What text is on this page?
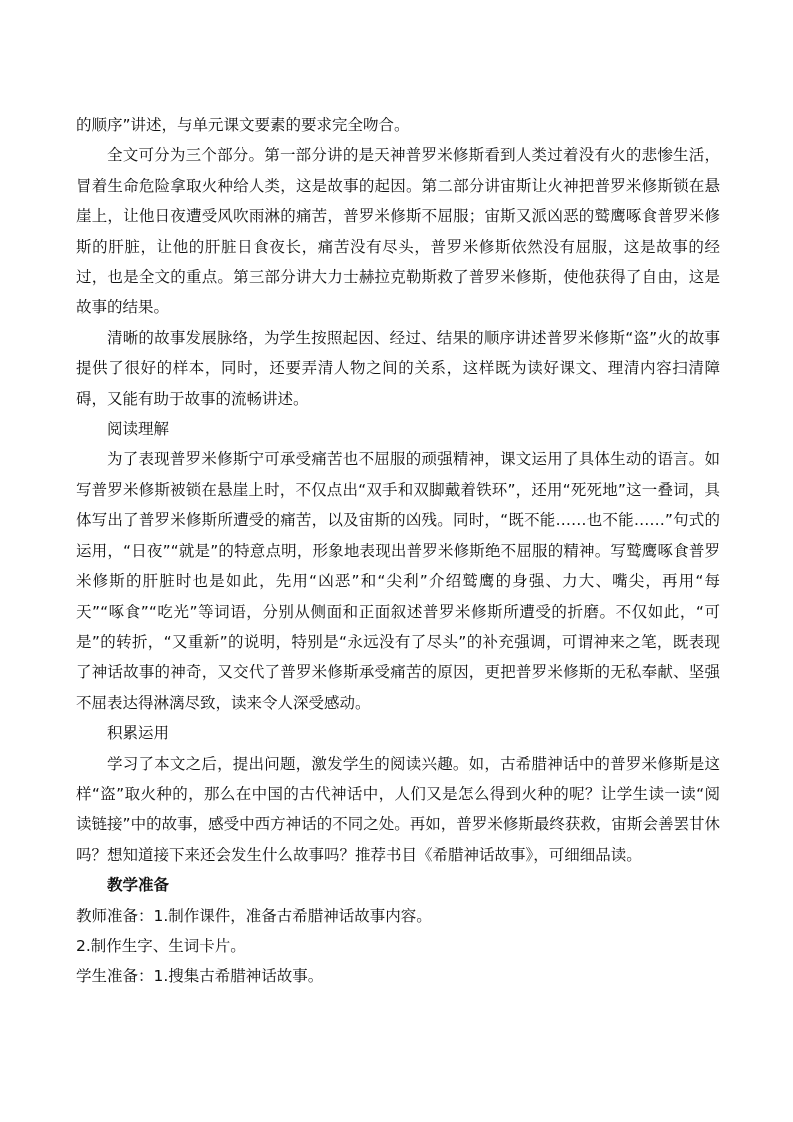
的顺序”讲述，与单元课文要素的要求完全吻合。

全文可分为三个部分。第一部分讲的是天神普罗米修斯看到人类过着没有火的悲惨生活，冒着生命危险拿取火种给人类，这是故事的起因。第二部分讲宙斯让火神把普罗米修斯锁在悬崖上，让他日夜遭受风吹雨淋的痛苦，普罗米修斯不屈服；宙斯又派凶恶的鹫鹰啄食普罗米修斯的肝脏，让他的肝脏日食夜长，痛苦没有尽头，普罗米修斯依然没有屈服，这是故事的经过，也是全文的重点。第三部分讲大力士赫拉克勒斯救了普罗米修斯，使他获得了自由，这是故事的结果。

清晰的故事发展脉络，为学生按照起因、经过、结果的顺序讲述普罗米修斯“盗”火的故事提供了很好的样本，同时，还要弄清人物之间的关系，这样既为读好课文、理清内容扫清障碍，又能有助于故事的流畅讲述。

阅读理解

为了表现普罗米修斯宁可承受痛苦也不屈服的顽强精神，课文运用了具体生动的语言。如写普罗米修斯被锁在悬崖上时，不仅点出“双手和双脚戴着铁环”，还用“死死地”这一叠词，具体写出了普罗米修斯所遭受的痛苦，以及宙斯的凶残。同时，“既不能……也不能……”句式的运用，“日夜”“就是”的特意点明，形象地表现出普罗米修斯绝不屈服的精神。写鹫鹰啄食普罗米修斯的肝脏时也是如此，先用“凶恶”和“尖利”介绍鹫鹰的身强、力大、嘴尖，再用“每天”“啄食”“吃光”等词语，分别从侧面和正面叙述普罗米修斯所遭受的折磨。不仅如此，“可是”的转折，“又重新”的说明，特别是“永远没有了尽头”的补充强调，可谓神来之笔，既表现了神话故事的神奇，又交代了普罗米修斯承受痛苦的原因，更把普罗米修斯的无私奉献、坚强不屈表达得淋漓尽致，读来令人深受感动。

积累运用

学习了本文之后，提出问题，激发学生的阅读兴趣。如，古希腊神话中的普罗米修斯是这样“盗”取火种的，那么在中国的古代神话中，人们又是怎么得到火种的呢？让学生读一读“阅读链接”中的故事，感受中西方神话的不同之处。再如，普罗米修斯最终获救，宙斯会善罢甘休吗？想知道接下来还会发生什么故事吗？推荐书目《希腊神话故事》，可细细品读。

教学准备

教师准备：1.制作课件，准备古希腊神话故事内容。

2.制作生字、生词卡片。

学生准备：1.搜集古希腊神话故事。
